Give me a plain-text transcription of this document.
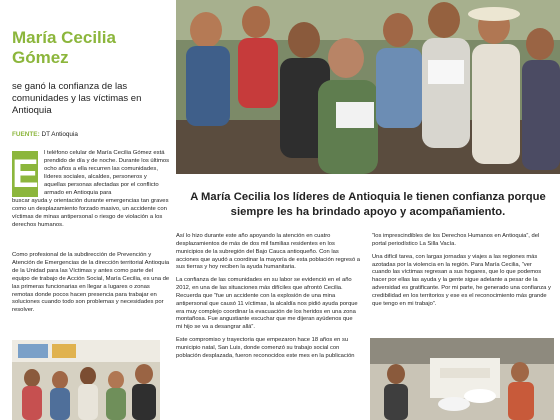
María Cecilia Gómez
se ganó la confianza de las comunidades y las víctimas en Antioquia
FUENTE: DT Antioquia
E l teléfono celular de María Cecilia Gómez está prendido de día y de noche. Durante los últimos ocho años a ella recurren las comunidades, líderes sociales, alcaldes, personeros y aquellas personas afectadas por el conflicto armado en Antioquia para
buscar ayuda y orientación durante emergencias tan graves como un desplazamiento forzado masivo, un accidente con víctimas de minas antipersonal o riesgo de violación a los derechos humanos.
Como profesional de la subdirección de Prevención y Atención de Emergencias de la dirección territorial Antioquia de la Unidad para las Víctimas y antes como parte del equipo de trabajo de Acción Social, María Cecilia, es una de las primeras funcionarias en llegar a lugares o zonas remotas donde pocos hacen presencia para trabajar en soluciones cuando todo son problemas y necesidades por resolver.
A María Cecilia los líderes de Antioquia le tienen confianza porque siempre les ha brindado apoyo y acompañamiento.

Así lo hizo durante este año apoyando la atención en cuatro desplazamientos de más de dos mil familias residentes en los municipios de la subregión del Bajo Cauca antioqueño. Con las acciones que ayudó a coordinar la mayoría de esta población regresó a sus tierras y hoy reciben la ayuda humanitaria.

La confianza de las comunidades en su labor se evidenció en el año 2012, en una de las situaciones más difíciles que afrontó Cecilia. Recuerda que “fue un accidente con la explosión de una mina antipersonal que causó 11 víctimas, la alcaldía nos pidió ayuda porque era muy complejo coordinar la evacuación de los heridos en una zona montañosa. Fue angustiante escuchar que me dijeran ayúdenos que mi hijo se va a desangrar allá”.

Este compromiso y trayectoria que empezaron hace 18 años en su municipio natal, San Luis, donde comenzó su trabajo social con población desplazada, fueron reconocidos este mes en la publicación

“los imprescindibles de los Derechos Humanos en Antioquia”, del portal periodístico La Silla Vacía.

Una difícil tarea, con largas jornadas y viajes a las regiones más azotadas por la violencia en la región. Para María Cecilia, “ver cuando las víctimas regresan a sus hogares, que lo que podemos hacer por ellas las ayuda y la gente sigue adelante a pesar de la adversidad es gratificante. Por mi parte, he generado una confianza y credibilidad en los territorios y ese es el reconocimiento más grande que tengo en mi trabajo”.
